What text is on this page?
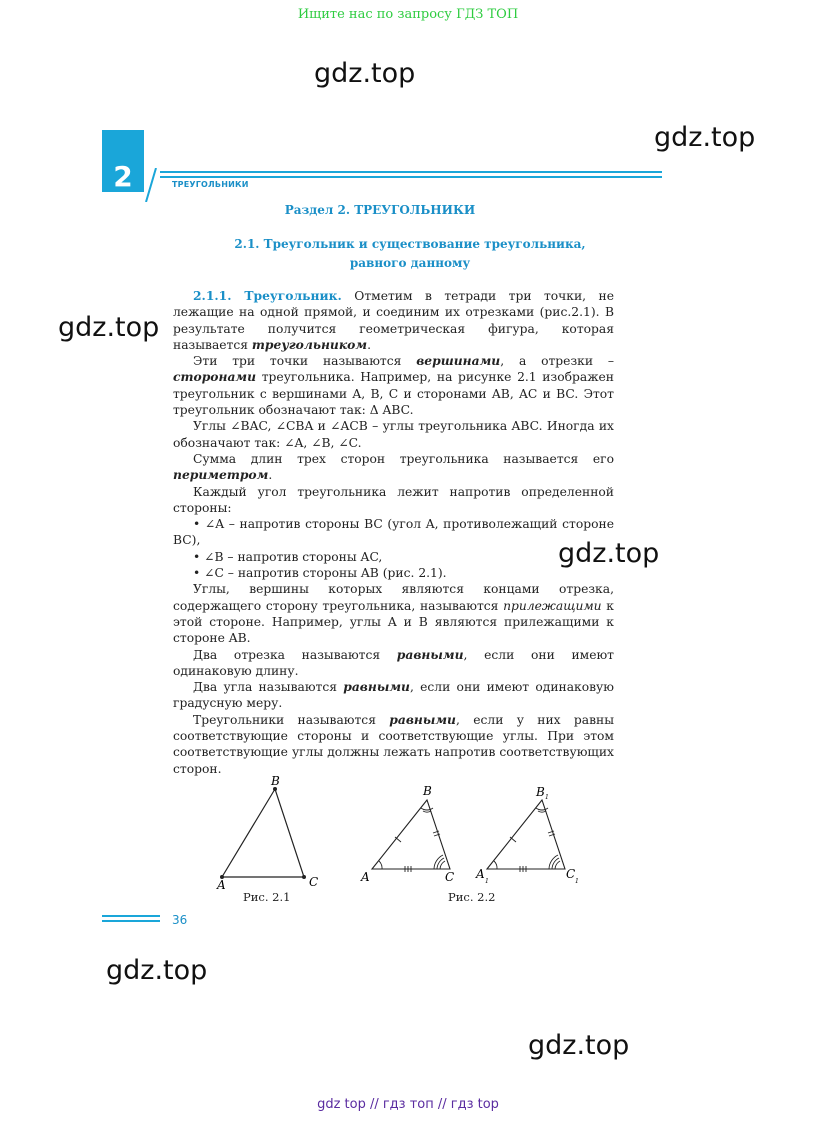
Ищите нас по запросу ГДЗ ТОП
gdz.top
gdz.top
gdz.top
gdz.top
gdz.top
gdz.top
2	ТРЕУГОЛЬНИКИ
Раздел 2. ТРЕУГОЛЬНИКИ
2.1. Треугольник и существование треугольника,
равного данному

2.1.1. Треугольник. Отметим в тетради три точки, не лежащие на одной прямой, и соединим их отрезками (рис.2.1). В результате получится геометрическая фигура, которая называется треугольником.

Эти три точки называются вершинами, а отрезки – сторонами треугольника. Например, на рисунке 2.1 изображен треугольник с вершинами A, B, C и сторонами AB, AC и BC. Этот треугольник обозначают так: Δ ABC.

Углы ∠BAC, ∠CBA и ∠ACB – углы треугольника ABC. Иногда их обозначают так: ∠A, ∠B, ∠C.

Сумма длин трех сторон треугольника называется его периметром.

Каждый угол треугольника лежит напротив определенной стороны:

• ∠A – напротив стороны BC (угол A, противолежащий стороне BC),

• ∠B – напротив стороны AC,

• ∠C – напротив стороны AB (рис. 2.1).

Углы, вершины которых являются концами отрезка, содержащего сторону треугольника, называются прилежащими к этой стороне. Например, углы A и B являются прилежащими к стороне AB.

Два отрезка называются равными, если они имеют одинаковую длину.

Два угла называются равными, если они имеют одинаковую градусную меру.

Треугольники называются равными, если у них равны соответствующие стороны и соответствующие углы. При этом соответствующие углы должны лежать напротив соответствующих сторон.

B
A	C
Рис. 2.1
B
A	C
B 1
A
1
C
1
Рис. 2.2
36
gdz top // гдз топ // гдз top
